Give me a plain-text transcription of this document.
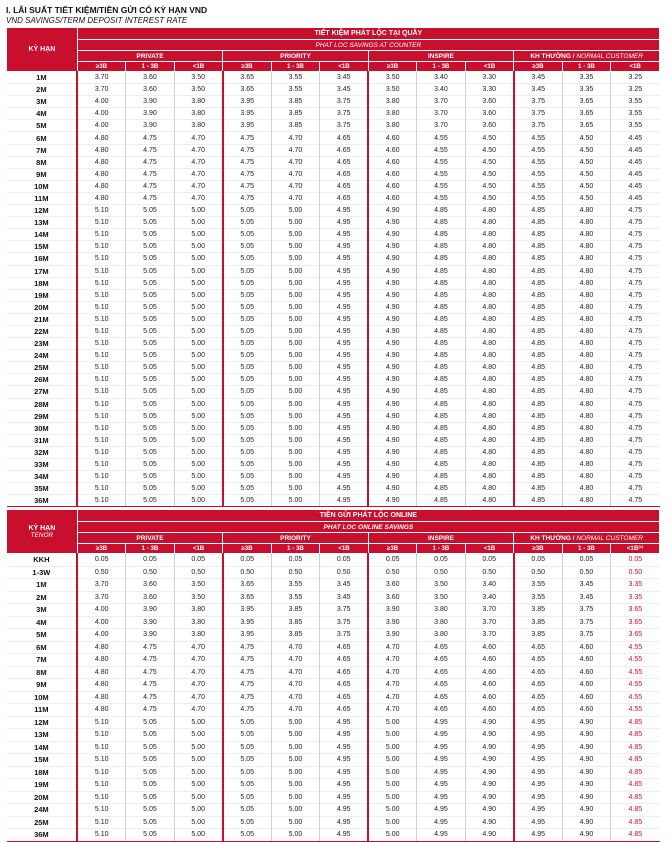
I. LÃI SUẤT TIẾT KIỆM/TIỀN GỬI CÓ KỲ HẠN VND
VND SAVINGS/TERM DEPOSIT INTEREST RATE
KỲ HẠN	TIẾT KIỆM PHÁT LỘC TẠI QUẦY											
	PHAT LOC SAVINGS AT COUNTER											
	PRIVATE			PRIORITY			INSPIRE			KH THƯỜNG / NORMAL CUSTOMER		
	≥3B	1 - 3B	<1B	≥3B	1 - 3B	<1B	≥3B	1 - 3B	<1B	≥3B	1 - 3B	<1B
1M	3.70	3.60	3.50	3.65	3.55	3.45	3.50	3.40	3.30	3.45	3.35	3.25
2M	3.70	3.60	3.50	3.65	3.55	3.45	3.50	3.40	3.30	3.45	3.35	3.25
3M	4.00	3.90	3.80	3.95	3.85	3.75	3.80	3.70	3.60	3.75	3.65	3.55
4M	4.00	3.90	3.80	3.95	3.85	3.75	3.80	3.70	3.60	3.75	3.65	3.55
5M	4.00	3.90	3.80	3.95	3.85	3.75	3.80	3.70	3.60	3.75	3.65	3.55
6M	4.80	4.75	4.70	4.75	4.70	4.65	4.60	4.55	4.50	4.55	4.50	4.45
7M	4.80	4.75	4.70	4.75	4.70	4.65	4.60	4.55	4.50	4.55	4.50	4.45
8M	4.80	4.75	4.70	4.75	4.70	4.65	4.60	4.55	4.50	4.55	4.50	4.45
9M	4.80	4.75	4.70	4.75	4.70	4.65	4.60	4.55	4.50	4.55	4.50	4.45
10M	4.80	4.75	4.70	4.75	4.70	4.65	4.60	4.55	4.50	4.55	4.50	4.45
11M	4.80	4.75	4.70	4.75	4.70	4.65	4.60	4.55	4.50	4.55	4.50	4.45
12M	5.10	5.05	5.00	5.05	5.00	4.95	4.90	4.85	4.80	4.85	4.80	4.75
13M	5.10	5.05	5.00	5.05	5.00	4.95	4.90	4.85	4.80	4.85	4.80	4.75
14M	5.10	5.05	5.00	5.05	5.00	4.95	4.90	4.85	4.80	4.85	4.80	4.75
15M	5.10	5.05	5.00	5.05	5.00	4.95	4.90	4.85	4.80	4.85	4.80	4.75
16M	5.10	5.05	5.00	5.05	5.00	4.95	4.90	4.85	4.80	4.85	4.80	4.75
17M	5.10	5.05	5.00	5.05	5.00	4.95	4.90	4.85	4.80	4.85	4.80	4.75
18M	5.10	5.05	5.00	5.05	5.00	4.95	4.90	4.85	4.80	4.85	4.80	4.75
19M	5.10	5.05	5.00	5.05	5.00	4.95	4.90	4.85	4.80	4.85	4.80	4.75
20M	5.10	5.05	5.00	5.05	5.00	4.95	4.90	4.85	4.80	4.85	4.80	4.75
21M	5.10	5.05	5.00	5.05	5.00	4.95	4.90	4.85	4.80	4.85	4.80	4.75
22M	5.10	5.05	5.00	5.05	5.00	4.95	4.90	4.85	4.80	4.85	4.80	4.75
23M	5.10	5.05	5.00	5.05	5.00	4.95	4.90	4.85	4.80	4.85	4.80	4.75
24M	5.10	5.05	5.00	5.05	5.00	4.95	4.90	4.85	4.80	4.85	4.80	4.75
25M	5.10	5.05	5.00	5.05	5.00	4.95	4.90	4.85	4.80	4.85	4.80	4.75
26M	5.10	5.05	5.00	5.05	5.00	4.95	4.90	4.85	4.80	4.85	4.80	4.75
27M	5.10	5.05	5.00	5.05	5.00	4.95	4.90	4.85	4.80	4.85	4.80	4.75
28M	5.10	5.05	5.00	5.05	5.00	4.95	4.90	4.85	4.80	4.85	4.80	4.75
29M	5.10	5.05	5.00	5.05	5.00	4.95	4.90	4.85	4.80	4.85	4.80	4.75
30M	5.10	5.05	5.00	5.05	5.00	4.95	4.90	4.85	4.80	4.85	4.80	4.75
31M	5.10	5.05	5.00	5.05	5.00	4.95	4.90	4.85	4.80	4.85	4.80	4.75
32M	5.10	5.05	5.00	5.05	5.00	4.95	4.90	4.85	4.80	4.85	4.80	4.75
33M	5.10	5.05	5.00	5.05	5.00	4.95	4.90	4.85	4.80	4.85	4.80	4.75
34M	5.10	5.05	5.00	5.05	5.00	4.95	4.90	4.85	4.80	4.85	4.80	4.75
35M	5.10	5.05	5.00	5.05	5.00	4.95	4.90	4.85	4.80	4.85	4.80	4.75
36M	5.10	5.05	5.00	5.05	5.00	4.95	4.90	4.85	4.80	4.85	4.80	4.75
KỲ HẠN
TENOR	TIỀN GỬI PHÁT LỘC ONLINE											
	PHAT LOC ONLINE SAVINGS											
	PRIVATE			PRIORITY			INSPIRE			KH THƯỜNG / NORMAL CUSTOMER		
	≥3B	1 - 3B	<1B	≥3B	1 - 3B	<1B	≥3B	1 - 3B	<1B	≥3B	1 - 3B	<1B⁽¹⁾
KKH	0.05	0.05	0.05	0.05	0.05	0.05	0.05	0.05	0.05	0.05	0.05	0.05
1-3W	0.50	0.50	0.50	0.50	0.50	0.50	0.50	0.50	0.50	0.50	0.50	0.50
1M	3.70	3.60	3.50	3.65	3.55	3.45	3.60	3.50	3.40	3.55	3.45	3.35
2M	3.70	3.60	3.50	3.65	3.55	3.45	3.60	3.50	3.40	3.55	3.45	3.35
3M	4.00	3.90	3.80	3.95	3.85	3.75	3.90	3.80	3.70	3.85	3.75	3.65
4M	4.00	3.90	3.80	3.95	3.85	3.75	3.90	3.80	3.70	3.85	3.75	3.65
5M	4.00	3.90	3.80	3.95	3.85	3.75	3.90	3.80	3.70	3.85	3.75	3.65
6M	4.80	4.75	4.70	4.75	4.70	4.65	4.70	4.65	4.60	4.65	4.60	4.55
7M	4.80	4.75	4.70	4.75	4.70	4.65	4.70	4.65	4.60	4.65	4.60	4.55
8M	4.80	4.75	4.70	4.75	4.70	4.65	4.70	4.65	4.60	4.65	4.60	4.55
9M	4.80	4.75	4.70	4.75	4.70	4.65	4.70	4.65	4.60	4.65	4.60	4.55
10M	4.80	4.75	4.70	4.75	4.70	4.65	4.70	4.65	4.60	4.65	4.60	4.55
11M	4.80	4.75	4.70	4.75	4.70	4.65	4.70	4.65	4.60	4.65	4.60	4.55
12M	5.10	5.05	5.00	5.05	5.00	4.95	5.00	4.95	4.90	4.95	4.90	4.85
13M	5.10	5.05	5.00	5.05	5.00	4.95	5.00	4.95	4.90	4.95	4.90	4.85
14M	5.10	5.05	5.00	5.05	5.00	4.95	5.00	4.95	4.90	4.95	4.90	4.85
15M	5.10	5.05	5.00	5.05	5.00	4.95	5.00	4.95	4.90	4.95	4.90	4.85
18M	5.10	5.05	5.00	5.05	5.00	4.95	5.00	4.95	4.90	4.95	4.90	4.85
19M	5.10	5.05	5.00	5.05	5.00	4.95	5.00	4.95	4.90	4.95	4.90	4.85
20M	5.10	5.05	5.00	5.05	5.00	4.95	5.00	4.95	4.90	4.95	4.90	4.85
24M	5.10	5.05	5.00	5.05	5.00	4.95	5.00	4.95	4.90	4.95	4.90	4.85
25M	5.10	5.05	5.00	5.05	5.00	4.95	5.00	4.95	4.90	4.95	4.90	4.85
36M	5.10	5.05	5.00	5.05	5.00	4.95	5.00	4.95	4.90	4.95	4.90	4.85
